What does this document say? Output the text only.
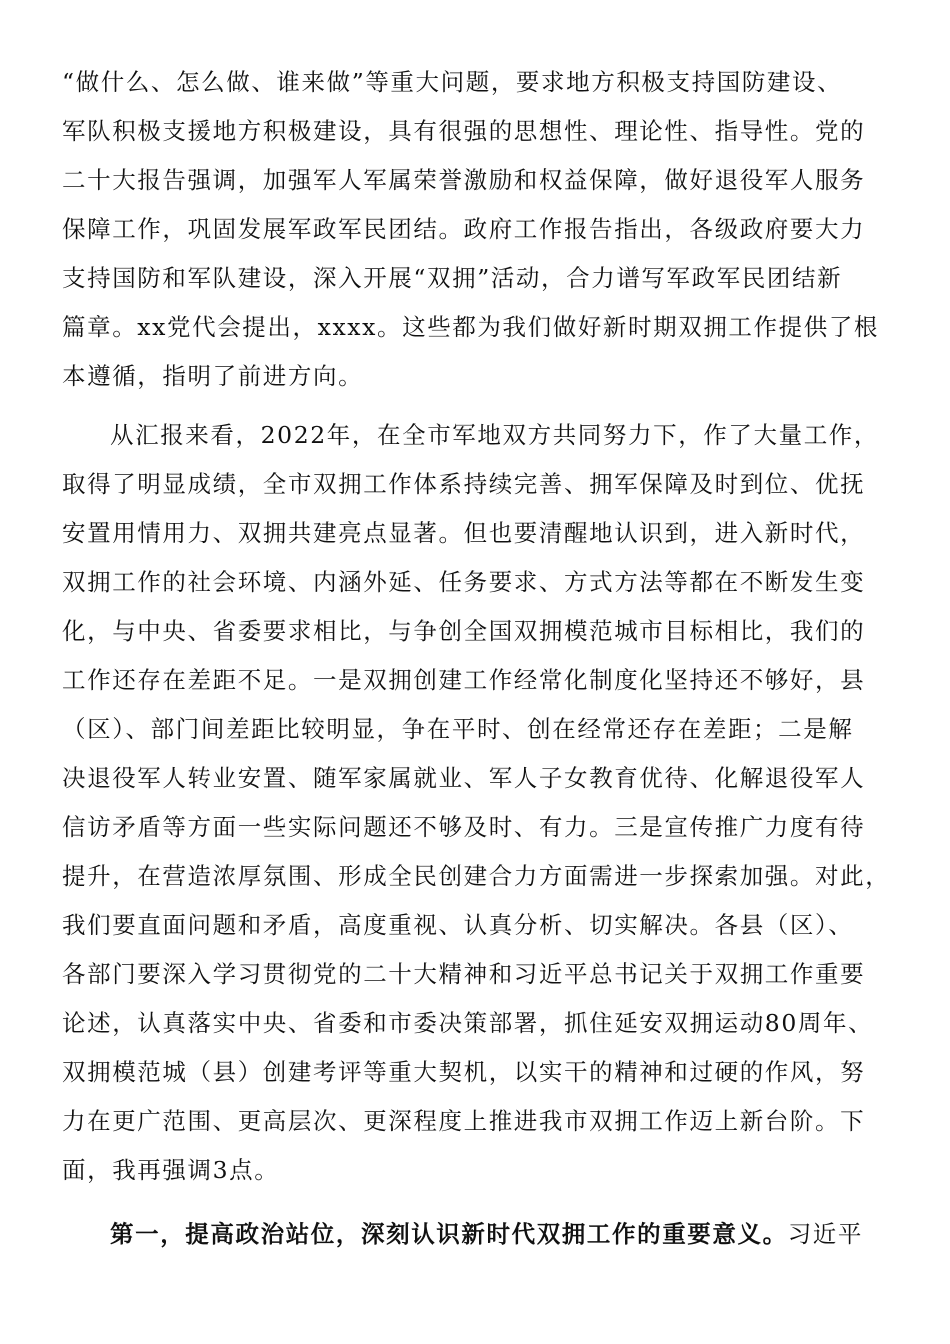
“做什么、怎么做、谁来做”等重大问题，要求地方积极支持国防建设、
军队积极支援地方积极建设，具有很强的思想性、理论性、指导性。党的
二十大报告强调，加强军人军属荣誉激励和权益保障，做好退役军人服务
保障工作，巩固发展军政军民团结。政府工作报告指出，各级政府要大力
支持国防和军队建设，深入开展“双拥”活动，合力谱写军政军民团结新
篇章。xx党代会提出，xxxx。这些都为我们做好新时期双拥工作提供了根
本遵循，指明了前进方向。
从汇报来看，2022年，在全市军地双方共同努力下，作了大量工作，
取得了明显成绩，全市双拥工作体系持续完善、拥军保障及时到位、优抚
安置用情用力、双拥共建亮点显著。但也要清醒地认识到，进入新时代，
双拥工作的社会环境、内涵外延、任务要求、方式方法等都在不断发生变
化，与中央、省委要求相比，与争创全国双拥模范城市目标相比，我们的
工作还存在差距不足。一是双拥创建工作经常化制度化坚持还不够好，县
（区）、部门间差距比较明显，争在平时、创在经常还存在差距；二是解
决退役军人转业安置、随军家属就业、军人子女教育优待、化解退役军人
信访矛盾等方面一些实际问题还不够及时、有力。三是宣传推广力度有待
提升，在营造浓厚氛围、形成全民创建合力方面需进一步探索加强。对此，
我们要直面问题和矛盾，高度重视、认真分析、切实解决。各县（区）、
各部门要深入学习贯彻党的二十大精神和习近平总书记关于双拥工作重要
论述，认真落实中央、省委和市委决策部署，抓住延安双拥运动80周年、
双拥模范城（县）创建考评等重大契机，以实干的精神和过硬的作风，努
力在更广范围、更高层次、更深程度上推进我市双拥工作迈上新台阶。下
面，我再强调3点。
第一，提高政治站位，深刻认识新时代双拥工作的重要意义。习近平
